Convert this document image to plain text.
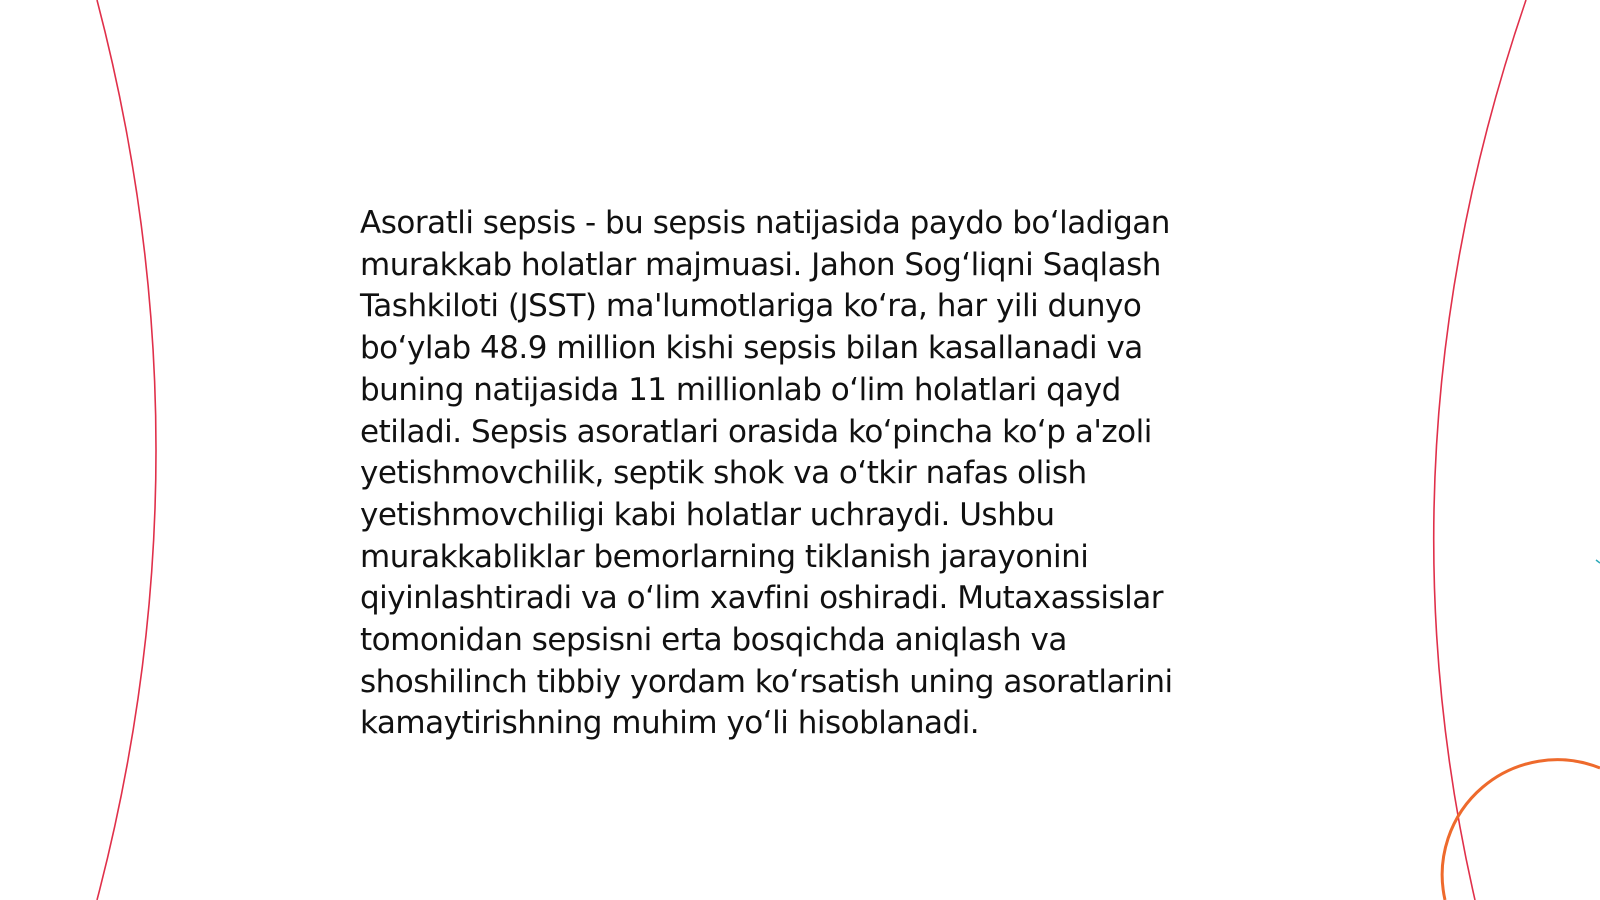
Asoratli sepsis - bu sepsis natijasida paydo bo‘ladigan
murakkab holatlar majmuasi. Jahon Sog‘liqni Saqlash
Tashkiloti (JSST) ma'lumotlariga ko‘ra, har yili dunyo
bo‘ylab 48.9 million kishi sepsis bilan kasallanadi va
buning natijasida 11 millionlab o‘lim holatlari qayd
etiladi. Sepsis asoratlari orasida ko‘pincha ko‘p a'zoli
yetishmovchilik, septik shok va o‘tkir nafas olish
yetishmovchiligi kabi holatlar uchraydi. Ushbu
murakkabliklar bemorlarning tiklanish jarayonini
qiyinlashtiradi va o‘lim xavfini oshiradi. Mutaxassislar
tomonidan sepsisni erta bosqichda aniqlash va
shoshilinch tibbiy yordam ko‘rsatish uning asoratlarini
kamaytirishning muhim yo‘li hisoblanadi.
